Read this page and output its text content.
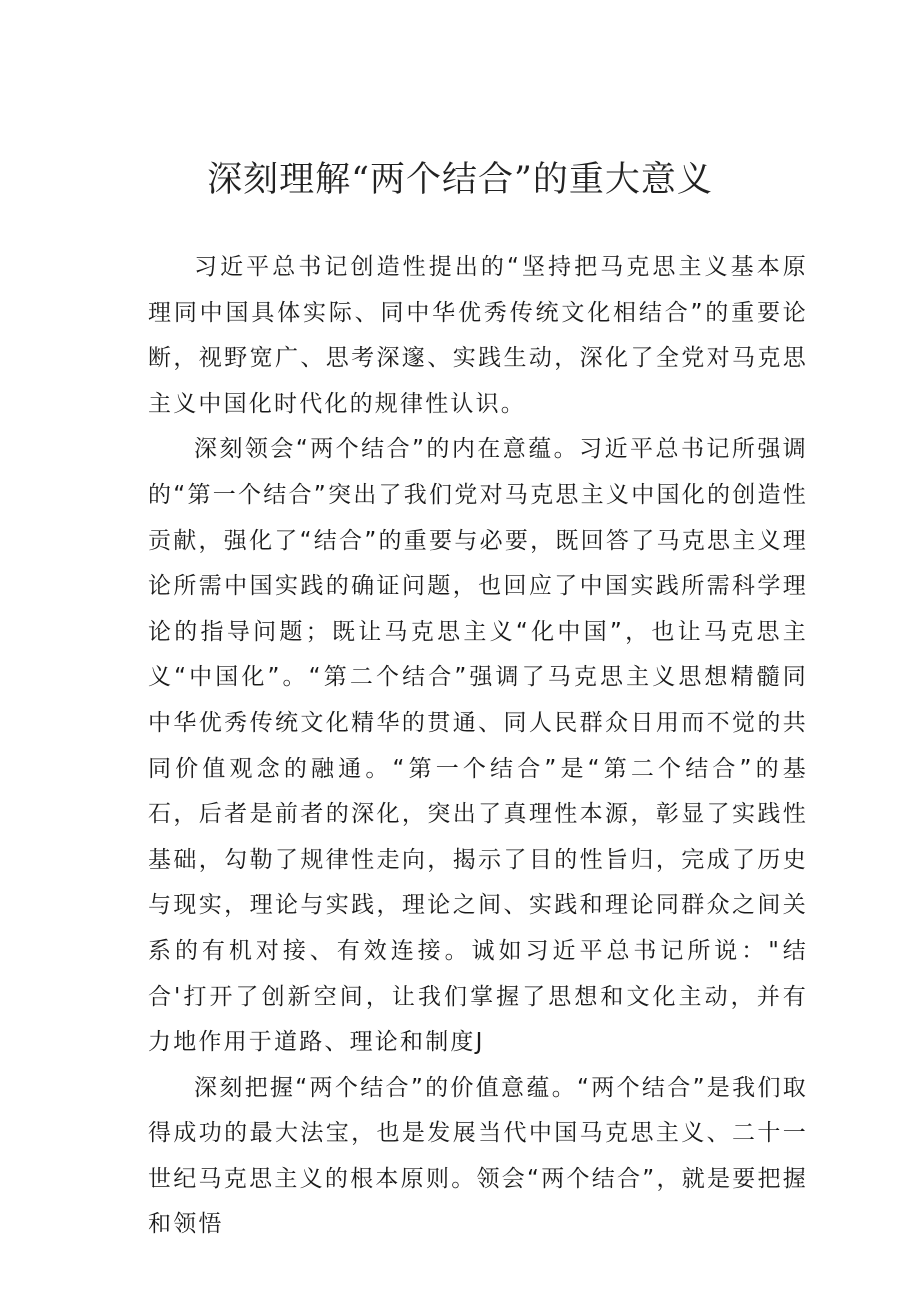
深刻理解“两个结合”的重大意义

习近平总书记创造性提出的“坚持把马克思主义基本原理同中国具体实际、同中华优秀传统文化相结合”的重要论断，视野宽广、思考深邃、实践生动，深化了全党对马克思主义中国化时代化的规律性认识。

深刻领会“两个结合”的内在意蕴。习近平总书记所强调的“第一个结合”突出了我们党对马克思主义中国化的创造性贡献，强化了“结合”的重要与必要，既回答了马克思主义理论所需中国实践的确证问题，也回应了中国实践所需科学理论的指导问题；既让马克思主义“化中国”，也让马克思主义“中国化”。“第二个结合”强调了马克思主义思想精髓同中华优秀传统文化精华的贯通、同人民群众日用而不觉的共同价值观念的融通。“第一个结合”是“第二个结合”的基石，后者是前者的深化，突出了真理性本源，彰显了实践性基础，勾勒了规律性走向，揭示了目的性旨归，完成了历史与现实，理论与实践，理论之间、实践和理论同群众之间关系的有机对接、有效连接。诚如习近平总书记所说："结合'打开了创新空间，让我们掌握了思想和文化主动，并有力地作用于道路、理论和制度J

深刻把握“两个结合”的价值意蕴。“两个结合”是我们取得成功的最大法宝，也是发展当代中国马克思主义、二十一世纪马克思主义的根本原则。领会“两个结合”，就是要把握和领悟
